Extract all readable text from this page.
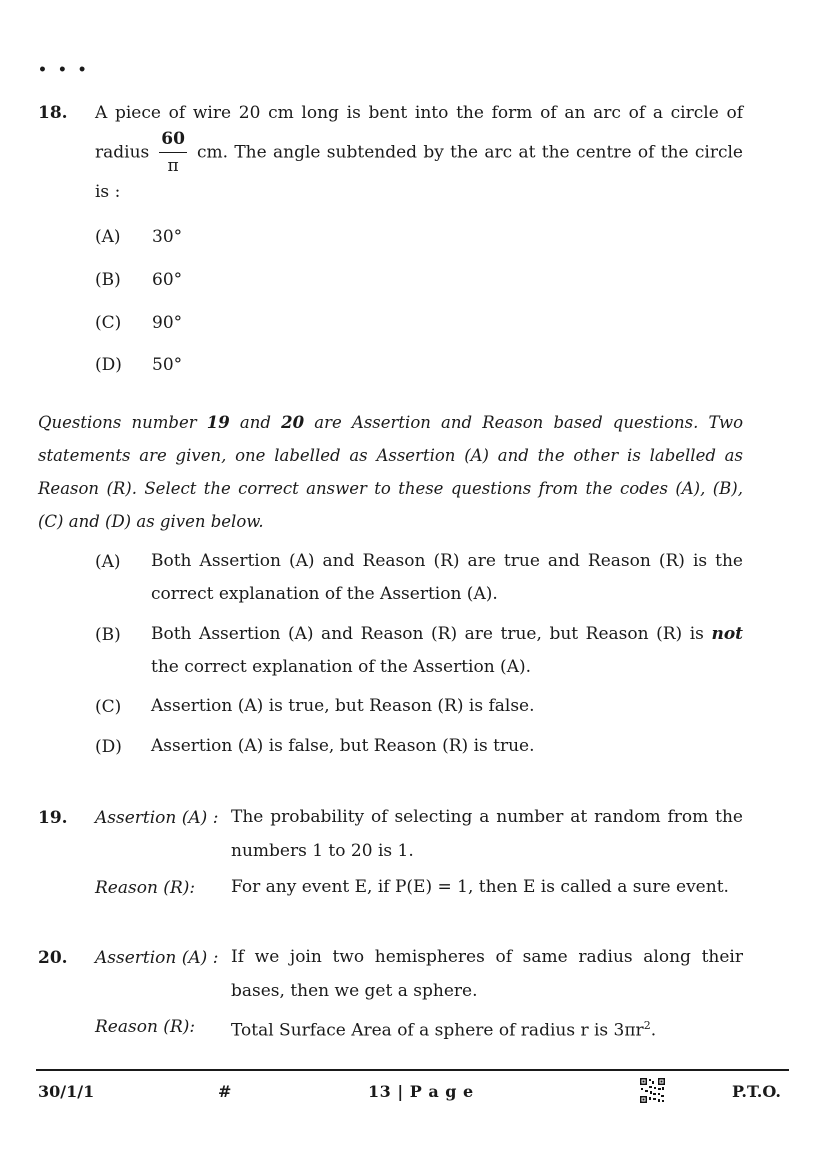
• • •
18. A piece of wire 20 cm long is bent into the form of an arc of a circle of radius $\frac{60}{\pi}$ cm. The angle subtended by the arc at the centre of the circle is :
(A) 30°
(B) 60°
(C) 90°
(D) 50°
Questions number 19 and 20 are Assertion and Reason based questions. Two statements are given, one labelled as Assertion (A) and the other is labelled as Reason (R). Select the correct answer to these questions from the codes (A), (B), (C) and (D) as given below.
(A) Both Assertion (A) and Reason (R) are true and Reason (R) is the correct explanation of the Assertion (A).
(B) Both Assertion (A) and Reason (R) are true, but Reason (R) is not the correct explanation of the Assertion (A).
(C) Assertion (A) is true, but Reason (R) is false.
(D) Assertion (A) is false, but Reason (R) is true.
19. Assertion (A) : The probability of selecting a number at random from the numbers 1 to 20 is 1.
Reason (R): For any event E, if P(E) = 1, then E is called a sure event.
20. Assertion (A) : If we join two hemispheres of same radius along their bases, then we get a sphere.
Reason (R): Total Surface Area of a sphere of radius r is $3\pi r^2$.
30/1/1	#	13 | P a g e	P.T.O.
